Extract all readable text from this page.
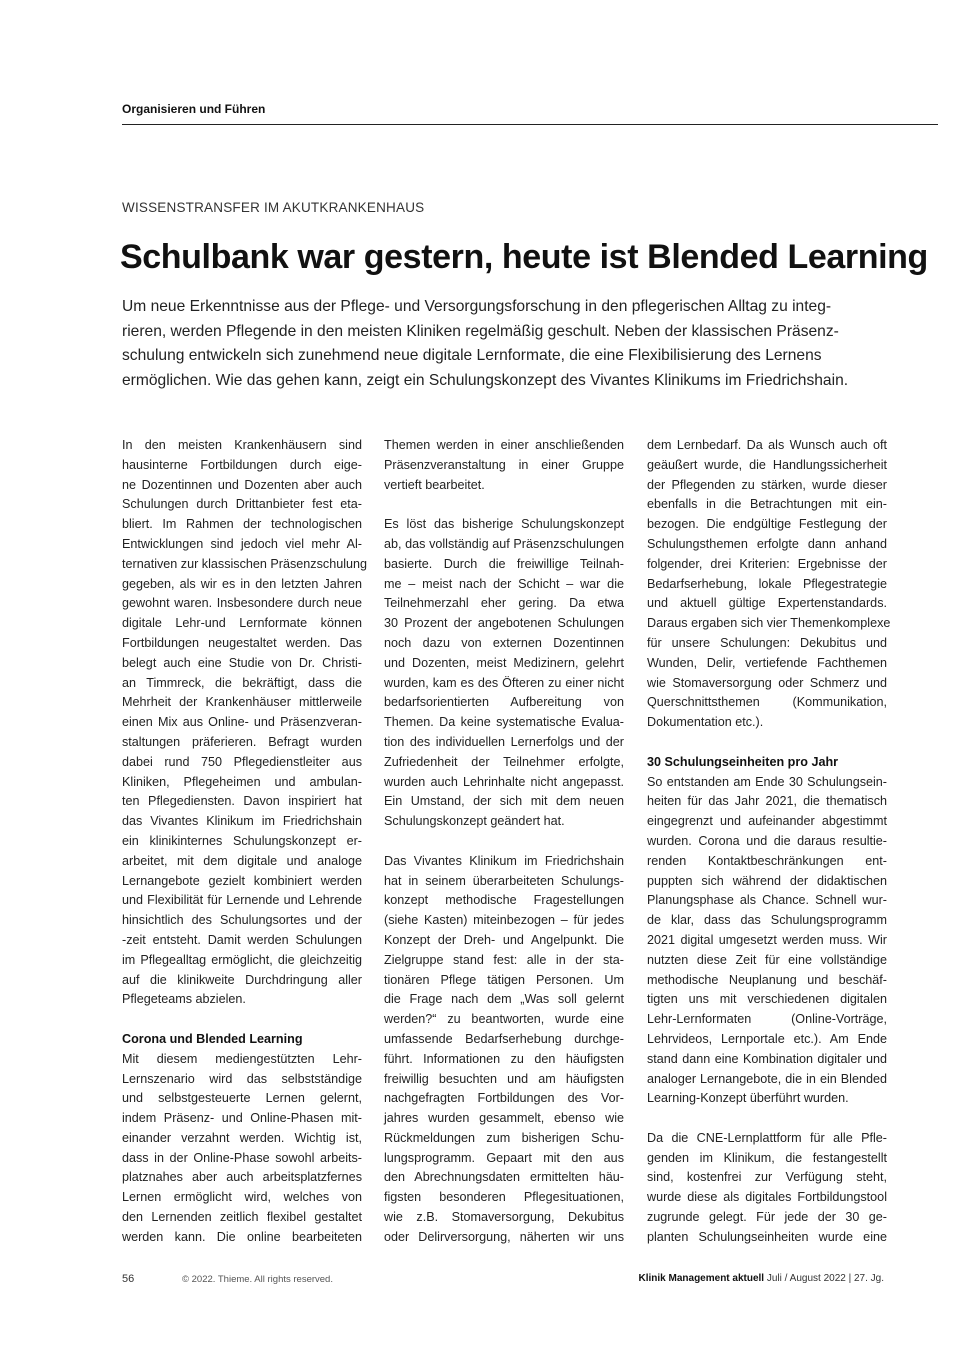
Organisieren und Führen
WISSENSTRANSFER IM AKUTKRANKENHAUS
Schulbank war gestern, heute ist Blended Learning

Um neue Erkenntnisse aus der Pflege- und Versorgungsforschung in den pflegerischen Alltag zu integ-
rieren, werden Pflegende in den meisten Kliniken regelmäßig geschult. Neben der klassischen Präsenz-
schulung entwickeln sich zunehmend neue digitale Lernformate, die eine Flexibilisierung des Lernens
ermöglichen. Wie das gehen kann, zeigt ein Schulungskonzept des Vivantes Klinikums im Friedrichshain.

In den meisten Krankenhäusern sind
hausinterne Fortbildungen durch eige-
ne Dozentinnen und Dozenten aber auch
Schulungen durch Drittanbieter fest eta-
bliert. Im Rahmen der technologischen
Entwicklungen sind jedoch viel mehr Al-
ternativen zur klassischen Präsenzschulung
gegeben, als wir es in den letzten Jahren
gewohnt waren. Insbesondere durch neue
digitale Lehr-und Lernformate können
Fortbildungen neugestaltet werden. Das
belegt auch eine Studie von Dr. Christi-
an Timmreck, die bekräftigt, dass die
Mehrheit der Krankenhäuser mittlerweile
einen Mix aus Online- und Präsenzveran-
staltungen präferieren. Befragt wurden
dabei rund 750 Pflegedienstleiter aus
Kliniken, Pflegeheimen und ambulan-
ten Pflegediensten. Davon inspiriert hat
das Vivantes Klinikum im Friedrichshain
ein klinikinternes Schulungskonzept er-
arbeitet, mit dem digitale und analoge
Lernangebote gezielt kombiniert werden
und Flexibilität für Lernende und Lehrende
hinsichtlich des Schulungsortes und der
-zeit entsteht. Damit werden Schulungen
im Pflegealltag ermöglicht, die gleichzeitig
auf die klinikweite Durchdringung aller
Pflegeteams abzielen.
Corona und Blended Learning
Mit diesem mediengestützten Lehr-
Lernszenario wird das selbstständige
und selbstgesteuerte Lernen gelernt,
indem Präsenz- und Online-Phasen mit-
einander verzahnt werden. Wichtig ist,
dass in der Online-Phase sowohl arbeits-
platznahes aber auch arbeitsplatzfernes
Lernen ermöglicht wird, welches von
den Lernenden zeitlich flexibel gestaltet
werden kann. Die online bearbeiteten
Themen werden in einer anschließenden
Präsenzveranstaltung in einer Gruppe
vertieft bearbeitet.
Es löst das bisherige Schulungskonzept
ab, das vollständig auf Präsenzschulungen
basierte. Durch die freiwillige Teilnah-
me – meist nach der Schicht – war die
Teilnehmerzahl eher gering. Da etwa
30 Prozent der angebotenen Schulungen
noch dazu von externen Dozentinnen
und Dozenten, meist Medizinern, gelehrt
wurden, kam es des Öfteren zu einer nicht
bedarfsorientierten Aufbereitung von
Themen. Da keine systematische Evalua-
tion des individuellen Lernerfolgs und der
Zufriedenheit der Teilnehmer erfolgte,
wurden auch Lehrinhalte nicht angepasst.
Ein Umstand, der sich mit dem neuen
Schulungskonzept geändert hat.
Das Vivantes Klinikum im Friedrichshain
hat in seinem überarbeiteten Schulungs-
konzept methodische Fragestellungen
(siehe Kasten) miteinbezogen – für jedes
Konzept der Dreh- und Angelpunkt. Die
Zielgruppe stand fest: alle in der sta-
tionären Pflege tätigen Personen. Um
die Frage nach dem „Was soll gelernt
werden?“ zu beantworten, wurde eine
umfassende Bedarfserhebung durchge-
führt. Informationen zu den häufigsten
freiwillig besuchten und am häufigsten
nachgefragten Fortbildungen des Vor-
jahres wurden gesammelt, ebenso wie
Rückmeldungen zum bisherigen Schu-
lungsprogramm. Gepaart mit den aus
den Abrechnungsdaten ermittelten häu-
figsten besonderen Pflegesituationen,
wie z.B. Stomaversorgung, Dekubitus
oder Delirversorgung, näherten wir uns
dem Lernbedarf. Da als Wunsch auch oft
geäußert wurde, die Handlungssicherheit
der Pflegenden zu stärken, wurde dieser
ebenfalls in die Betrachtungen mit ein-
bezogen. Die endgültige Festlegung der
Schulungsthemen erfolgte dann anhand
folgender, drei Kriterien: Ergebnisse der
Bedarfserhebung, lokale Pflegestrategie
und aktuell gültige Expertenstandards.
Daraus ergaben sich vier Themenkomplexe
für unsere Schulungen: Dekubitus und
Wunden, Delir, vertiefende Fachthemen
wie Stomaversorgung oder Schmerz und
Querschnittsthemen (Kommunikation,
Dokumentation etc.).
30 Schulungseinheiten pro Jahr
So entstanden am Ende 30 Schulungsein-
heiten für das Jahr 2021, die thematisch
eingegrenzt und aufeinander abgestimmt
wurden. Corona und die daraus resultie-
renden Kontaktbeschränkungen ent-
puppten sich während der didaktischen
Planungsphase als Chance. Schnell wur-
de klar, dass das Schulungsprogramm
2021 digital umgesetzt werden muss. Wir
nutzten diese Zeit für eine vollständige
methodische Neuplanung und beschäf-
tigten uns mit verschiedenen digitalen
Lehr-Lernformaten (Online-Vorträge,
Lehrvideos, Lernportale etc.). Am Ende
stand dann eine Kombination digitaler und
analoger Lernangebote, die in ein Blended
Learning-Konzept überführt wurden.
Da die CNE-Lernplattform für alle Pfle-
genden im Klinikum, die festangestellt
sind, kostenfrei zur Verfügung steht,
wurde diese als digitales Fortbildungstool
zugrunde gelegt. Für jede der 30 ge-
planten Schulungseinheiten wurde eine
56	© 2022. Thieme. All rights reserved.	Klinik Management aktuell Juli / August 2022 | 27. Jg.
